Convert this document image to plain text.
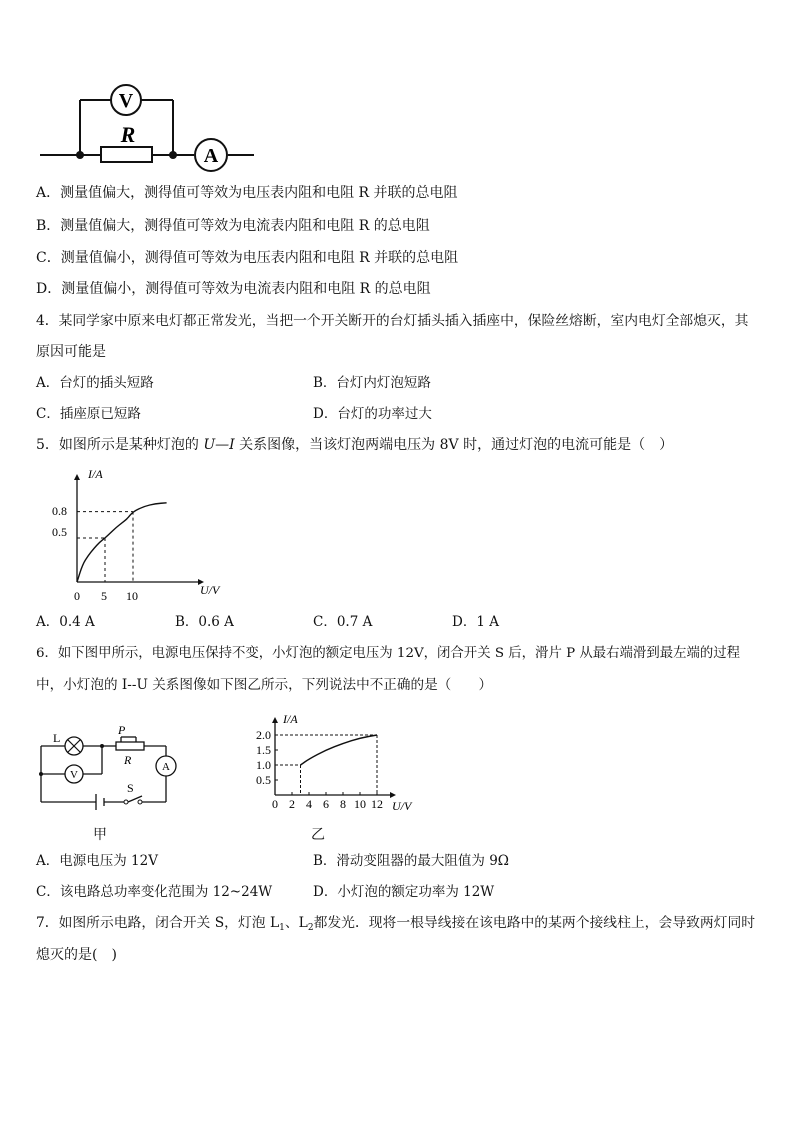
V
R
A
A．测量值偏大，测得值可等效为电压表内阻和电阻 R 并联的总电阻
B．测量值偏大，测得值可等效为电流表内阻和电阻 R 的总电阻
C．测量值偏小，测得值可等效为电压表内阻和电阻 R 并联的总电阻
D．测量值偏小，测得值可等效为电流表内阻和电阻 R 的总电阻
4．某同学家中原来电灯都正常发光，当把一个开关断开的台灯插头插入插座中，保险丝熔断，室内电灯全部熄灭，其
原因可能是
A．台灯的插头短路	B．台灯内灯泡短路
C．插座原已短路	D．台灯的功率过大
5．如图所示是某种灯泡的 U—I 关系图像，当该灯泡两端电压为 8V 时，通过灯泡的电流可能是（　）
I/A
U/V
0.8
0.5
0 5 10
A．0.4 A	B．0.6 A	C．0.7 A	D．1 A
6．如下图甲所示，电源电压保持不变，小灯泡的额定电压为 12V，闭合开关 S 后，滑片 P 从最右端滑到最左端的过程
中，小灯泡的 I--U 关系图像如下图乙所示，下列说法中不正确的是（　　）
L
P
R
V
A
S
甲
I/A
U/V
2.0
1.5
1.0
0.5
0 2 4 6 8 10 12
乙
A．电源电压为 12V	B．滑动变阻器的最大阻值为 9Ω
C．该电路总功率变化范围为 12~24W	D．小灯泡的额定功率为 12W
7．如图所示电路，闭合开关 S，灯泡 $L_1$、$L_2$都发光．现将一根导线接在该电路中的某两个接线柱上，会导致两灯同时
熄灭的是(　)
